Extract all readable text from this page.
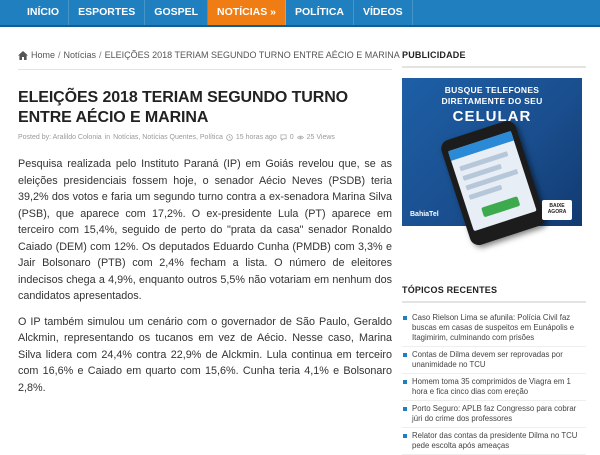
INÍCIO	ESPORTES	GOSPEL	NOTÍCIAS »	POLÍTICA	VÍDEOS
Home / Notícias / ELEIÇÕES 2018 TERIAM SEGUNDO TURNO ENTRE AÉCIO E MARINA
ELEIÇÕES 2018 TERIAM SEGUNDO TURNO ENTRE AÉCIO E MARINA
Posted by: Aralildo Colonia in Notícias, Notícias Quentes, Política 15 horas ago 0 25 Views

Pesquisa realizada pelo Instituto Paraná (IP) em Goiás revelou que, se as eleições presidenciais fossem hoje, o senador Aécio Neves (PSDB) teria 39,2% dos votos e faria um segundo turno contra a ex-senadora Marina Silva (PSB), que aparece com 17,2%. O ex-presidente Lula (PT) aparece em terceiro com 15,4%, seguido de perto do "prata da casa" senador Ronaldo Caiado (DEM) com 12%. Os deputados Eduardo Cunha (PMDB) com 3,3% e Jair Bolsonaro (PTB) com 2,4% fecham a lista. O número de eleitores indecisos chega a 4,9%, enquanto outros 5,5% não votariam em nenhum dos candidatos apresentados.

O IP também simulou um cenário com o governador de São Paulo, Geraldo Alckmin, representando os tucanos em vez de Aécio. Nesse caso, Marina Silva lidera com 24,4% contra 22,9% de Alckmin. Lula continua em terceiro com 16,6% e Caiado em quarto com 15,6%. Cunha teria 4,1% e Bolsonaro 2,8%.

PUBLICIDADE
BUSQUE TELEFONES
DIRETAMENTE DO SEU
CELULAR
BahiaTel
BAIXE AGORA
TÓPICOS RECENTES
Caso Rielson Lima se afunila: Polícia Civil faz buscas em casas de suspeitos em Eunápolis e Itagimirim, culminando com prisões
Contas de Dilma devem ser reprovadas por unanimidade no TCU
Homem toma 35 comprimidos de Viagra em 1 hora e fica cinco dias com ereção
Porto Seguro: APLB faz Congresso para cobrar júri do crime dos professores
Relator das contas da presidente Dilma no TCU pede escolta após ameaças
